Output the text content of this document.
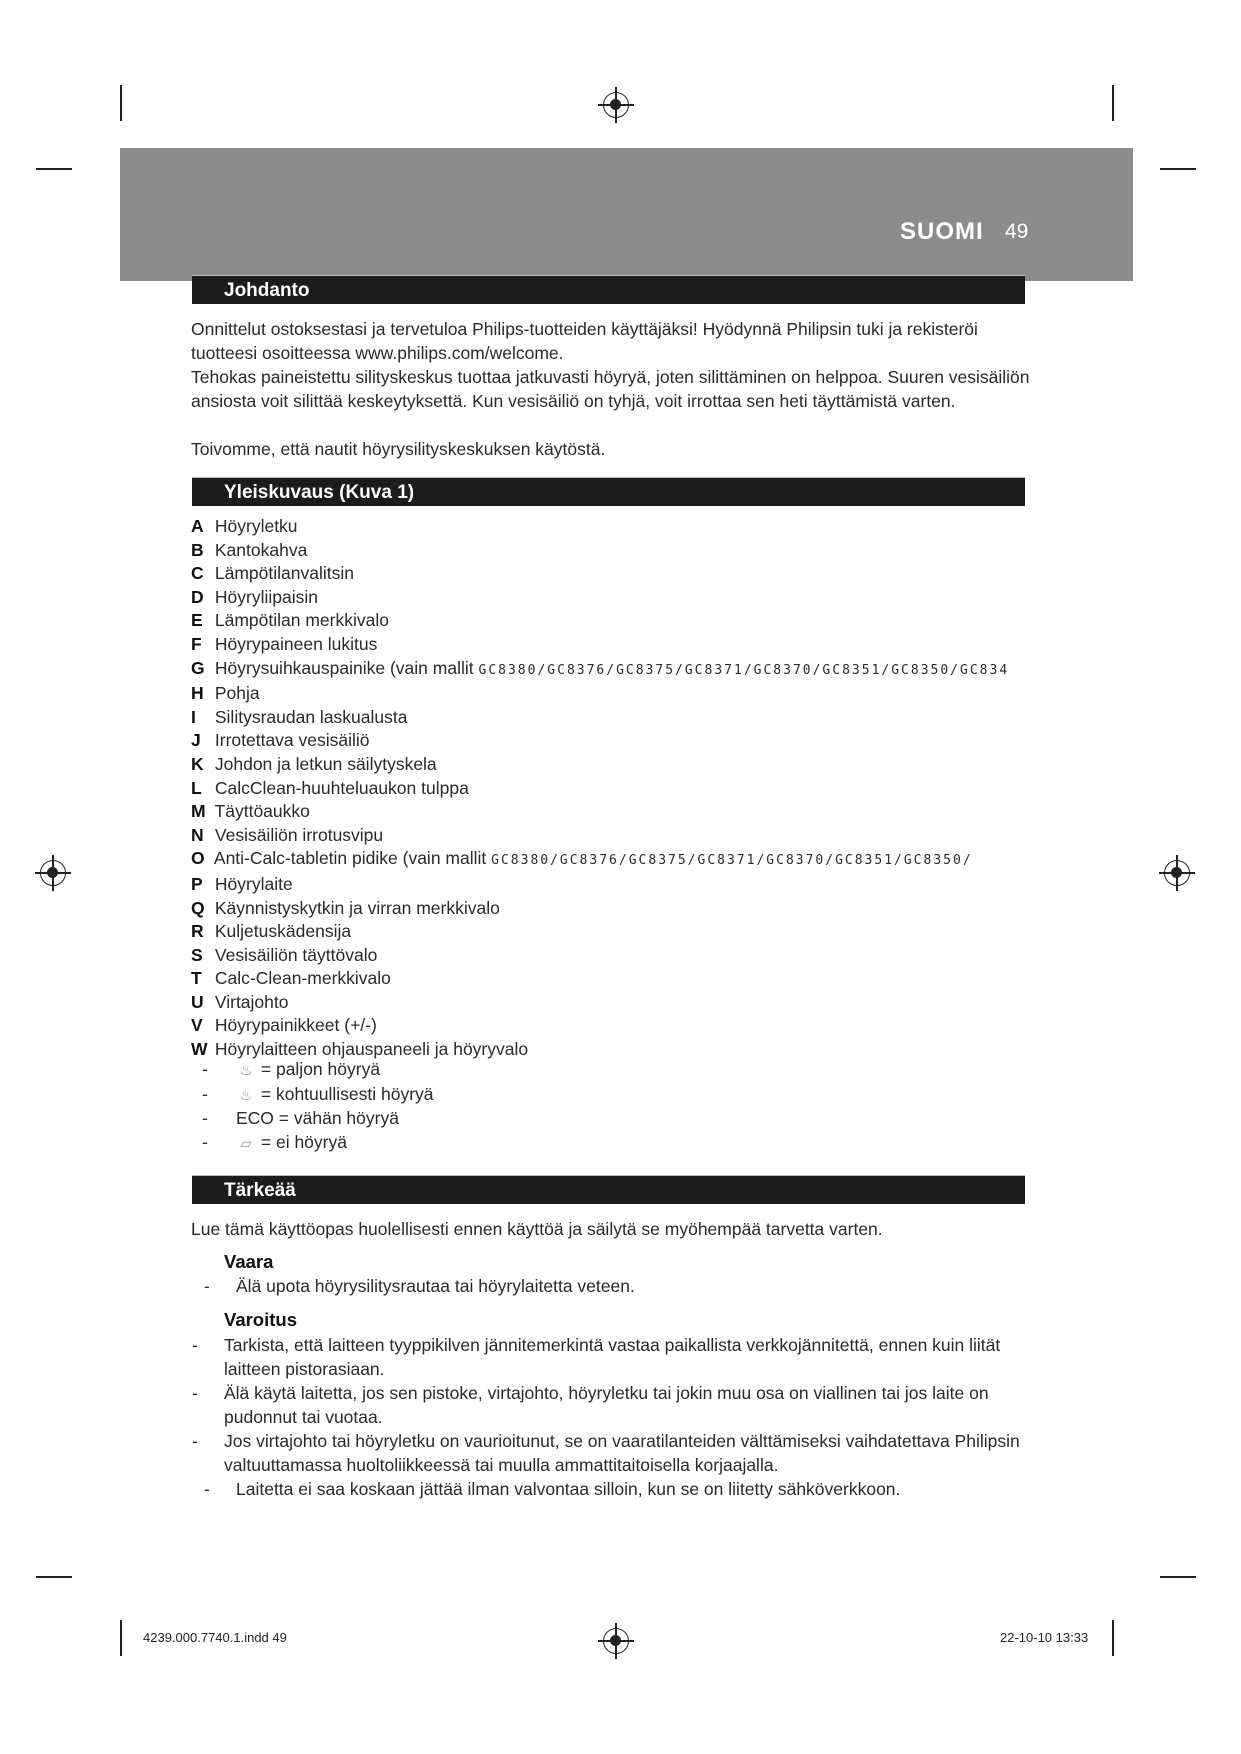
SUOMI 49
Johdanto
Onnittelut ostoksestasi ja tervetuloa Philips-tuotteiden käyttäjäksi! Hyödynnä Philipsin tuki ja rekisteröi tuotteesi osoitteessa www.philips.com/welcome.
Tehokas paineistettu silityskeskus tuottaa jatkuvasti höyryä, joten silittäminen on helppoa. Suuren vesisäiliön ansiosta voit silittää keskeytyksettä. Kun vesisäiliö on tyhjä, voit irrottaa sen heti täyttämistä varten.
Toivomme, että nautit höyrysilityskeskuksen käytöstä.
Yleiskuvaus (Kuva 1)
A Höyryletku
B Kantokahva
C Lämpötilanvalitsin
D Höyryliipaisin
E Lämpötilan merkkivalo
F Höyrypaineen lukitus
G Höyrysuihkauspainike (vain mallit GC8380/GC8376/GC8375/GC8371/GC8370/GC8351/GC8350/GC834
H Pohja
I Silitysraudan laskualusta
J Irrotettava vesisäiliö
K Johdon ja letkun säilytyskela
L CalcClean-huuhteluaukon tulppa
M Täyttöaukko
N Vesisäiliön irrotusvipu
O Anti-Calc-tabletin pidike (vain mallit GC8380/GC8376/GC8375/GC8371/GC8370/GC8351/GC8350/
P Höyrylaite
Q Käynnistyskytkin ja virran merkkivalo
R Kuljetuskädensija
S Vesisäiliön täyttövalo
T Calc-Clean-merkkivalo
U Virtajohto
V Höyrypainikkeet (+/-)
W Höyrylaitteen ohjauspaneeli ja höyryvalo
- ♨ = paljon höyryä
- ♨ = kohtuullisesti höyryä
- ECO = vähän höyryä
- ⏥ = ei höyryä
Tärkeää
Lue tämä käyttöopas huolellisesti ennen käyttöä ja säilytä se myöhempää tarvetta varten.
Vaara
- Älä upota höyrysilitysrautaa tai höyrylaitetta veteen.
Varoitus
- Tarkista, että laitteen tyyppikilven jännitemerkintä vastaa paikallista verkkojännitettä, ennen kuin liität laitteen pistorasiaan.
- Älä käytä laitetta, jos sen pistoke, virtajohto, höyryletku tai jokin muu osa on viallinen tai jos laite on pudonnut tai vuotaa.
- Jos virtajohto tai höyryletku on vaurioitunut, se on vaaratilanteiden välttämiseksi vaihdatettava Philipsin valtuuttamassa huoltoliikkeessä tai muulla ammattitaitoisella korjaajalla.
- Laitetta ei saa koskaan jättää ilman valvontaa silloin, kun se on liitetty sähköverkkoon.
4239.000.7740.1.indd 49	22-10-10 13:33
